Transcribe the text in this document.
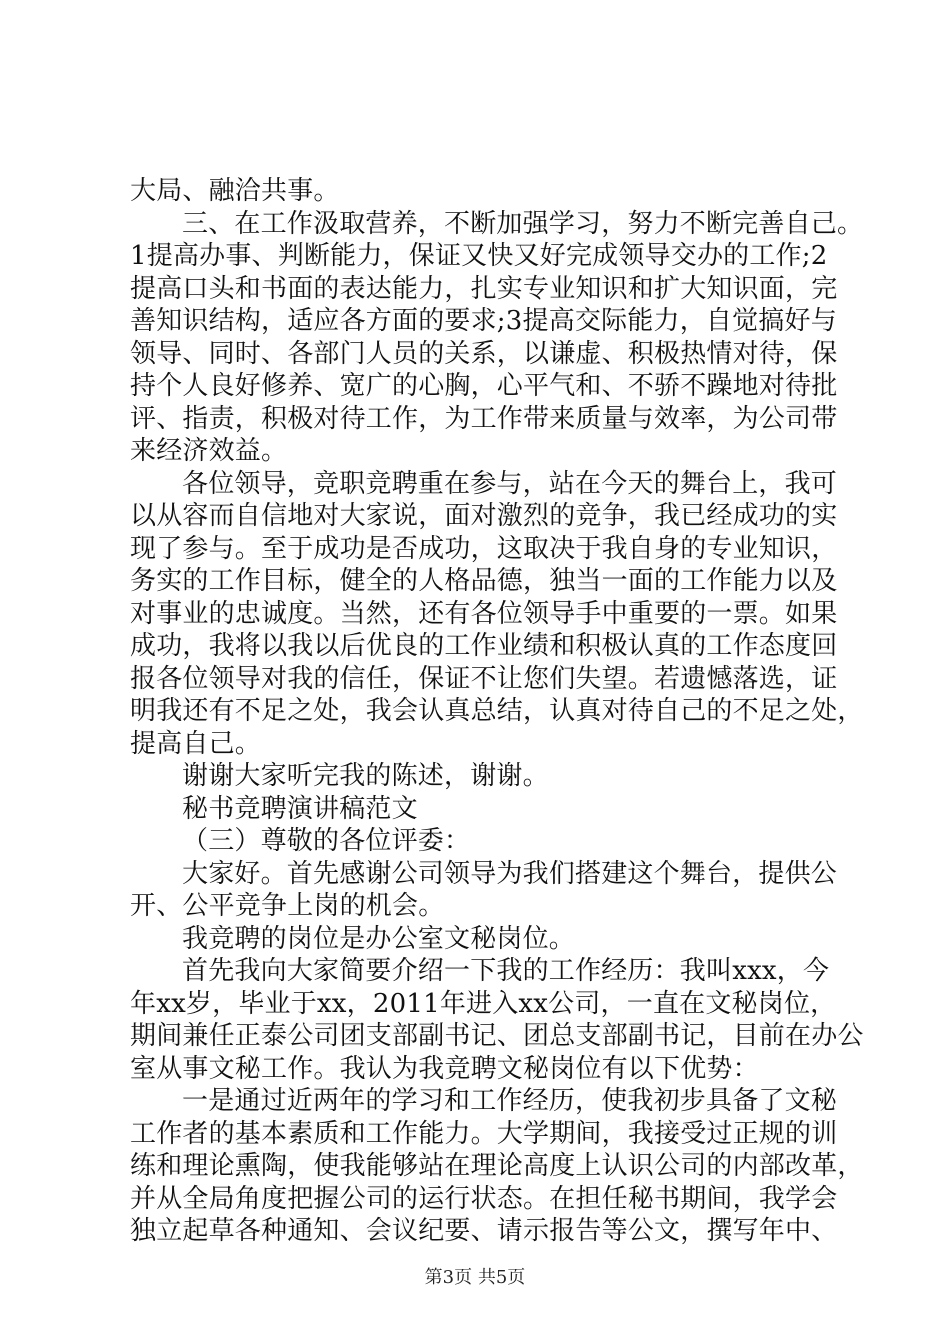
大局、融洽共事。
三、在工作汲取营养，不断加强学习，努力不断完善自己。
1提高办事、判断能力，保证又快又好完成领导交办的工作;2
提高口头和书面的表达能力，扎实专业知识和扩大知识面，完
善知识结构，适应各方面的要求;3提高交际能力，自觉搞好与
领导、同时、各部门人员的关系，以谦虚、积极热情对待，保
持个人良好修养、宽广的心胸，心平气和、不骄不躁地对待批
评、指责，积极对待工作，为工作带来质量与效率，为公司带
来经济效益。
各位领导，竞职竞聘重在参与，站在今天的舞台上，我可
以从容而自信地对大家说，面对激烈的竞争，我已经成功的实
现了参与。至于成功是否成功，这取决于我自身的专业知识，
务实的工作目标，健全的人格品德，独当一面的工作能力以及
对事业的忠诚度。当然，还有各位领导手中重要的一票。如果
成功，我将以我以后优良的工作业绩和积极认真的工作态度回
报各位领导对我的信任，保证不让您们失望。若遗憾落选，证
明我还有不足之处，我会认真总结，认真对待自己的不足之处，
提高自己。
谢谢大家听完我的陈述，谢谢。
秘书竞聘演讲稿范文
（三）尊敬的各位评委：
大家好。首先感谢公司领导为我们搭建这个舞台，提供公
开、公平竞争上岗的机会。
我竞聘的岗位是办公室文秘岗位。
首先我向大家简要介绍一下我的工作经历：我叫xxx，今
年xx岁，毕业于xx，2011年进入xx公司，一直在文秘岗位，
期间兼任正泰公司团支部副书记、团总支部副书记，目前在办公
室从事文秘工作。我认为我竞聘文秘岗位有以下优势：
一是通过近两年的学习和工作经历，使我初步具备了文秘
工作者的基本素质和工作能力。大学期间，我接受过正规的训
第3页 共5页
练和理论熏陶，使我能够站在理论高度上认识公司的内部改革，
并从全局角度把握公司的运行状态。在担任秘书期间，我学会
独立起草各种通知、会议纪要、请示报告等公文，撰写年中、
